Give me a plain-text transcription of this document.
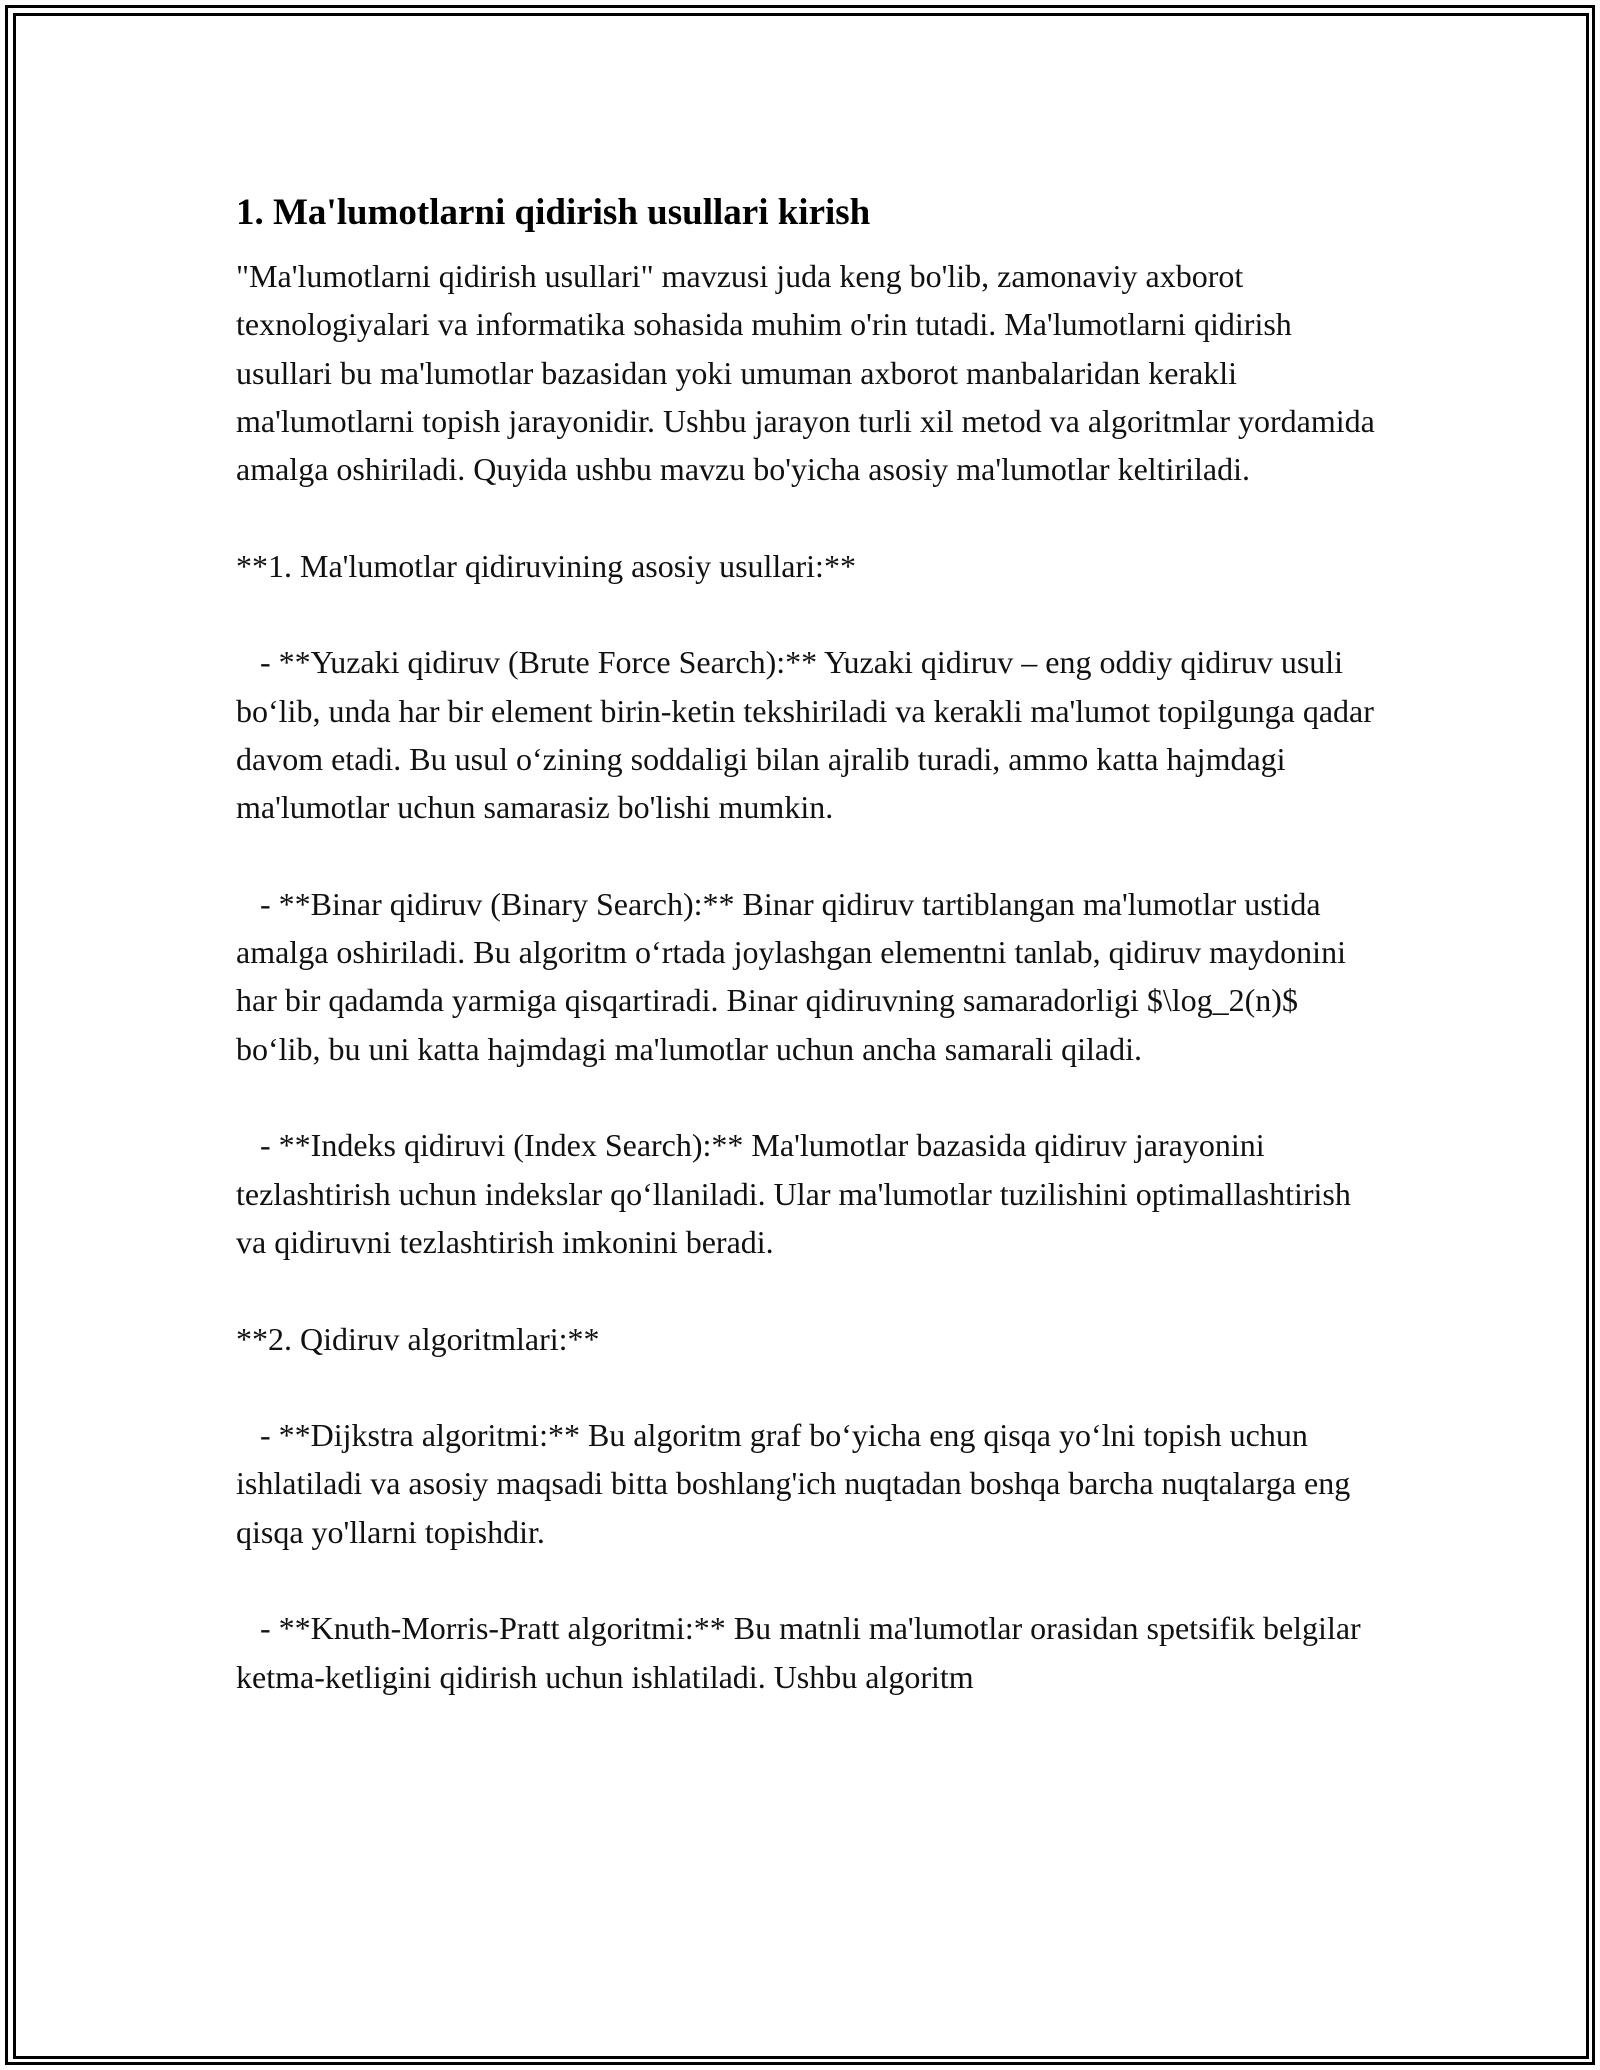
1. Ma'lumotlarni qidirish usullari kirish

"Ma'lumotlarni qidirish usullari" mavzusi juda keng bo'lib, zamonaviy axborot texnologiyalari va informatika sohasida muhim o'rin tutadi. Ma'lumotlarni qidirish usullari bu ma'lumotlar bazasidan yoki umuman axborot manbalaridan kerakli ma'lumotlarni topish jarayonidir. Ushbu jarayon turli xil metod va algoritmlar yordamida amalga oshiriladi. Quyida ushbu mavzu bo'yicha asosiy ma'lumotlar keltiriladi.

**1. Ma'lumotlar qidiruvining asosiy usullari:**

- **Yuzaki qidiruv (Brute Force Search):** Yuzaki qidiruv – eng oddiy qidiruv usuli bo‘lib, unda har bir element birin-ketin tekshiriladi va kerakli ma'lumot topilgunga qadar davom etadi. Bu usul o‘zining soddaligi bilan ajralib turadi, ammo katta hajmdagi ma'lumotlar uchun samarasiz bo'lishi mumkin.

- **Binar qidiruv (Binary Search):** Binar qidiruv tartiblangan ma'lumotlar ustida amalga oshiriladi. Bu algoritm o‘rtada joylashgan elementni tanlab, qidiruv maydonini har bir qadamda yarmiga qisqartiradi. Binar qidiruvning samaradorligi $\log_2(n)$ bo‘lib, bu uni katta hajmdagi ma'lumotlar uchun ancha samarali qiladi.

- **Indeks qidiruvi (Index Search):** Ma'lumotlar bazasida qidiruv jarayonini tezlashtirish uchun indekslar qo‘llaniladi. Ular ma'lumotlar tuzilishini optimallashtirish va qidiruvni tezlashtirish imkonini beradi.

**2. Qidiruv algoritmlari:**

- **Dijkstra algoritmi:** Bu algoritm graf bo‘yicha eng qisqa yo‘lni topish uchun ishlatiladi va asosiy maqsadi bitta boshlang'ich nuqtadan boshqa barcha nuqtalarga eng qisqa yo'llarni topishdir.

- **Knuth-Morris-Pratt algoritmi:** Bu matnli ma'lumotlar orasidan spetsifik belgilar ketma-ketligini qidirish uchun ishlatiladi. Ushbu algoritm
